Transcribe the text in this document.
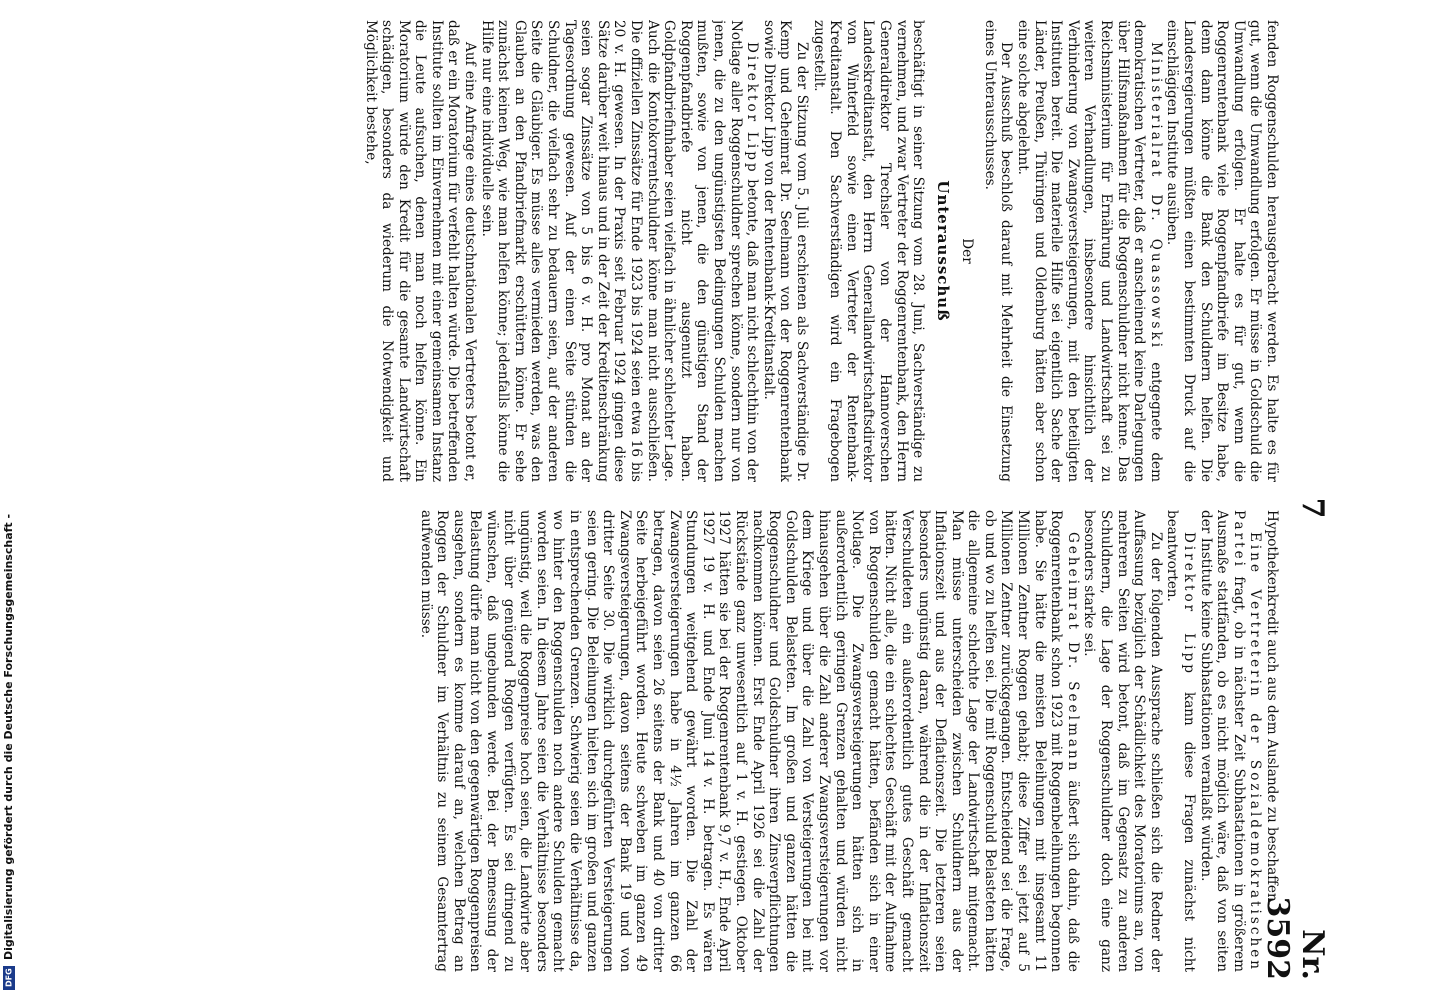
Digitalisierung gefördert durch die Deutsche Forschungsgemeinschaft -
DFG	Nr. 3592
7

Hypothekenkredit auch aus dem Auslande zu beschaffen.

Eine Vertreterin der Sozialdemokratischen Partei fragt, ob in nächster Zeit Subhastationen in größerem Ausmaße stattfänden, ob es nicht möglich wäre, daß von seiten der Institute keine Subhastationen veranlaßt würden.

Direktor Lipp kann diese Fragen zunächst nicht beantworten.

Zu der folgenden Aussprache schließen sich die Redner der Auffassung bezüglich der Schädlichkeit des Moratoriums an, von mehreren Seiten wird betont, daß im Gegensatz zu anderen Schuldnern, die Lage der Roggenschuldner doch eine ganz besonders starke sei.

Geheimrat Dr. Seelmann äußert sich dahin, daß die Roggenrentenbank schon 1923 mit Roggenbeleihungen begonnen habe. Sie hätte die meisten Beleihungen mit insgesamt 11 Millionen Zentner Roggen gehabt; diese Ziffer sei jetzt auf 5 Millionen Zentner zurückgegangen. Entscheidend sei die Frage, ob und wo zu helfen sei. Die mit Roggenschuld Belasteten hätten die allgemeine schlechte Lage der Landwirtschaft mitgemacht. Man müsse unterscheiden zwischen Schuldnern aus der Inflationszeit und aus der Deflationszeit. Die letzteren seien besonders ungünstig daran, während die in der Inflationszeit Verschuldeten ein außerordentlich gutes Geschäft gemacht hätten. Nicht alle, die ein schlechtes Geschäft mit der Aufnahme von Roggenschulden gemacht hätten, befänden sich in einer Notlage. Die Zwangsversteigerungen hätten sich in außerordentlich geringen Grenzen gehalten und würden nicht hinausgehen über die Zahl anderer Zwangsversteigerungen vor dem Kriege und über die Zahl von Versteigerungen bei mit Goldschulden Belasteten. Im großen und ganzen hätten die Roggenschuldner und Goldschuldner ihren Zinsverpflichtungen nachkommen können. Erst Ende April 1926 sei die Zahl der Rückstände ganz unwesentlich auf 1 v. H. gestiegen. Oktober 1927 hätten sie bei der Roggenrentenbank 9,7 v. H., Ende April 1927 19 v. H. und Ende Juni 14 v. H. betragen. Es wären Stundungen weitgehend gewährt worden. Die Zahl der Zwangsversteigerungen habe in 4½ Jahren im ganzen 66 betragen, davon seien 26 seitens der Bank und 40 von dritter Seite herbeigeführt worden. Heute schweben im ganzen 49 Zwangsversteigerungen, davon seitens der Bank 19 und von dritter Seite 30. Die wirklich durchgeführten Versteigerungen seien gering. Die Beleihungen hielten sich im großen und ganzen in entsprechenden Grenzen. Schwierig seien die Verhältnisse da, wo hinter den Roggenschulden noch andere Schulden gemacht worden seien. In diesem Jahre seien die Verhältnisse besonders ungünstig, weil die Roggenpreise hoch seien, die Landwirte aber nicht über genügend Roggen verfügten. Es sei dringend zu wünschen, daß ungebunden werde. Bei der Bemessung der Belastung dürfe man nicht von den gegenwärtigen Roggenpreisen ausgehen, sondern es komme darauf an, welchen Betrag an Roggen der Schuldner im Verhältnis zu seinem Gesamtertrag aufwenden müsse.

fenden Roggenschulden herausgebracht werden. Es halte es für gut, wenn die Umwandlung erfolgen. Er müsse in Goldschuld die Umwandlung erfolgen. Er halte es für gut, wenn die Roggenrentenbank viele Roggenpfandbriefe im Besitze habe, denn dann könne die Bank den Schuldnern helfen. Die Landesregierungen müßten einen bestimmten Druck auf die einschlägigen Institute ausüben.

Ministerialrat Dr. Quassowski entgegnete dem demokratischen Vertreter, daß er anscheinend keine Darlegungen über Hilfsmaßnahmen für die Roggenschuldner nicht kenne. Das Reichsministerium für Ernährung und Landwirtschaft sei zu weiteren Verhandlungen, insbesondere hinsichtlich der Verhinderung von Zwangsversteigerungen, mit den beteiligten Instituten bereit. Die materielle Hilfe sei eigentlich Sache der Länder, Preußen, Thüringen und Oldenburg hätten aber schon eine solche abgelehnt.

Der Ausschuß beschloß darauf mit Mehrheit die Einsetzung eines Unterausschusses.

Der
Unterausschuß

beschäftigt in seiner Sitzung vom 28. Juni, Sachverständige zu vernehmen, und zwar Vertreter der Roggenrentenbank, den Herrn Generaldirektor Trechsler von der Hannoverschen Landeskreditanstalt, den Herrn Generallandwirtschaftsdirektor von Winterfeld sowie einen Vertreter der Rentenbank-Kreditanstalt. Den Sachverständigen wird ein Fragebogen zugestellt.

Zu der Sitzung vom 5. Juli erschienen als Sachverständige Dr. Kemp und Geheimrat Dr. Seelmann von der Roggenrentenbank sowie Direktor Lipp von der Rentenbank-Kreditanstalt.

Direktor Lipp betonte, daß man nicht schlechthin von der Notlage aller Roggenschuldner sprechen könne, sondern nur von jenen, die zu den ungünstigsten Bedingungen Schulden machen mußten, sowie von jenen, die den günstigen Stand der Roggenpfandbriefe nicht ausgenutzt haben. Goldpfandbriefinhaber seien vielfach in ähnlicher schlechter Lage. Auch die Kontokorrentschuldner könne man nicht ausschließen. Die offiziellen Zinssätze für Ende 1923 bis 1924 seien etwa 16 bis 20 v. H. gewesen. In der Praxis seit Februar 1924 gingen diese Sätze darüber weit hinaus und in der Zeit der Kreditenschränkung seien sogar Zinssätze von 5 bis 6 v. H. pro Monat an der Tagesordnung gewesen. Auf der einen Seite stünden die Schuldner, die vielfach sehr zu bedauern seien, auf der anderen Seite die Gläubiger. Es müsse alles vermieden werden, was den Glauben an den Pfandbriefmarkt erschüttern könne. Er sehe zunächst keinen Weg, wie man helfen könne; jedenfalls könne die Hilfe nur eine individuelle sein.

Auf eine Anfrage eines deutschnationalen Vertreters betont er, daß er ein Moratorium für verfehlt halten würde. Die betreffenden Institute sollten im Einvernehmen mit einer gemeinsamen Instanz die Leute aufsuchen, denen man noch helfen könne. Ein Moratorium würde den Kredit für die gesamte Landwirtschaft schädigen, besonders da wiederum die Notwendigkeit und Möglichkeit bestehe,
